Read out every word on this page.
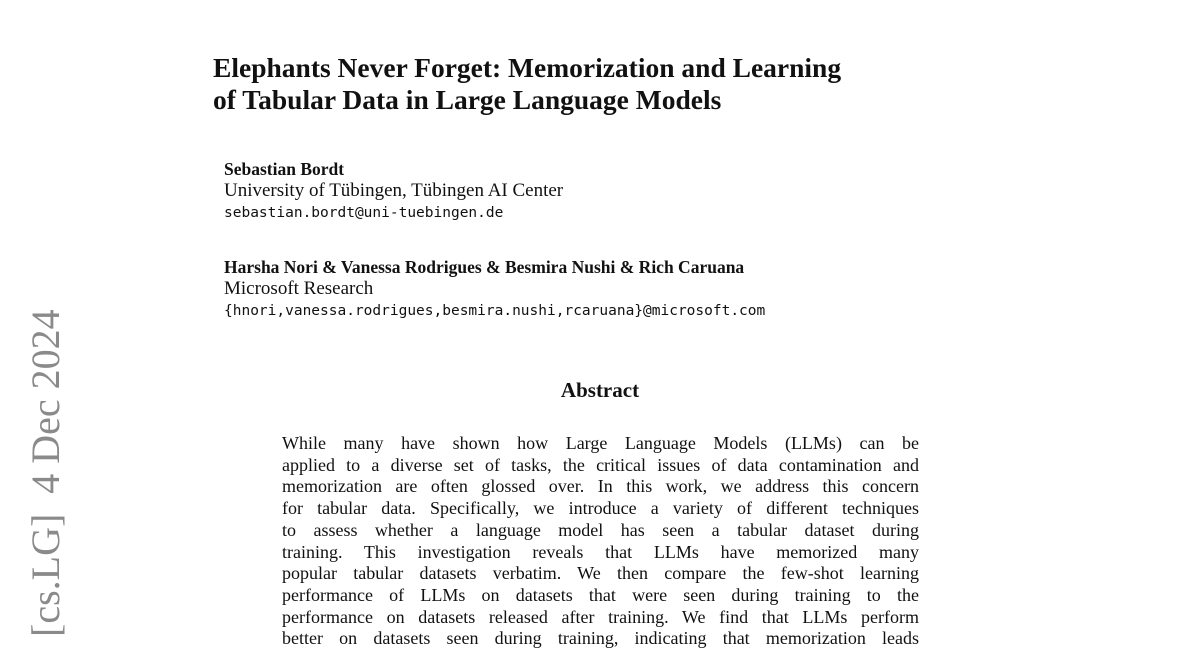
[cs.LG]  4 Dec 2024
Elephants Never Forget: Memorization and Learning
of Tabular Data in Large Language Models
Sebastian Bordt
University of Tübingen, Tübingen AI Center
sebastian.bordt@uni-tuebingen.de
Harsha Nori & Vanessa Rodrigues & Besmira Nushi & Rich Caruana
Microsoft Research
{hnori,vanessa.rodrigues,besmira.nushi,rcaruana}@microsoft.com
Abstract
While many have shown how Large Language Models (LLMs) can be
applied to a diverse set of tasks, the critical issues of data contamination and
memorization are often glossed over. In this work, we address this concern
for tabular data. Specifically, we introduce a variety of different techniques
to assess whether a language model has seen a tabular dataset during
training. This investigation reveals that LLMs have memorized many
popular tabular datasets verbatim. We then compare the few-shot learning
performance of LLMs on datasets that were seen during training to the
performance on datasets released after training. We find that LLMs perform
better on datasets seen during training, indicating that memorization leads
